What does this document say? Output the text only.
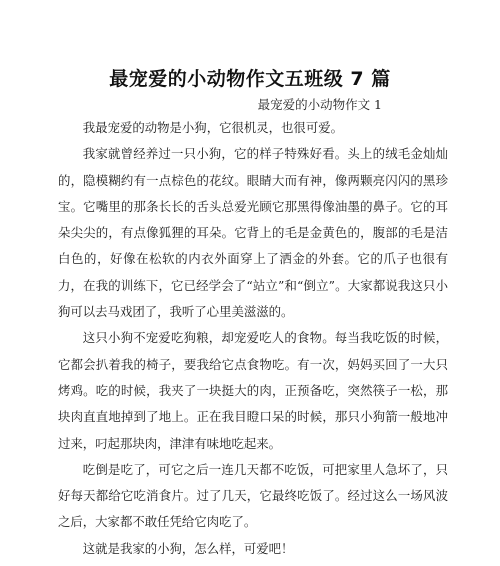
最宠爱的小动物作文五班级 7 篇
最宠爱的小动物作文 1

我最宠爱的动物是小狗，它很机灵，也很可爱。

我家就曾经养过一只小狗，它的样子特殊好看。头上的绒毛金灿灿的，隐模糊约有一点棕色的花纹。眼睛大而有神，像两颗亮闪闪的黑珍宝。它嘴里的那条长长的舌头总爱光顾它那黑得像油墨的鼻子。它的耳朵尖尖的，有点像狐狸的耳朵。它背上的毛是金黄色的，腹部的毛是洁白色的，好像在松软的内衣外面穿上了洒金的外套。它的爪子也很有力，在我的训练下，它已经学会了“站立”和“倒立”。大家都说我这只小狗可以去马戏团了，我听了心里美滋滋的。

这只小狗不宠爱吃狗粮，却宠爱吃人的食物。每当我吃饭的时候，它都会扒着我的椅子，要我给它点食物吃。有一次，妈妈买回了一大只烤鸡。吃的时候，我夹了一块挺大的肉，正预备吃，突然筷子一松，那块肉直直地掉到了地上。正在我目瞪口呆的时候，那只小狗箭一般地冲过来，叼起那块肉，津津有味地吃起来。

吃倒是吃了，可它之后一连几天都不吃饭，可把家里人急坏了，只好每天都给它吃消食片。过了几天，它最终吃饭了。经过这么一场风波之后，大家都不敢任凭给它肉吃了。

这就是我家的小狗，怎么样，可爱吧！
